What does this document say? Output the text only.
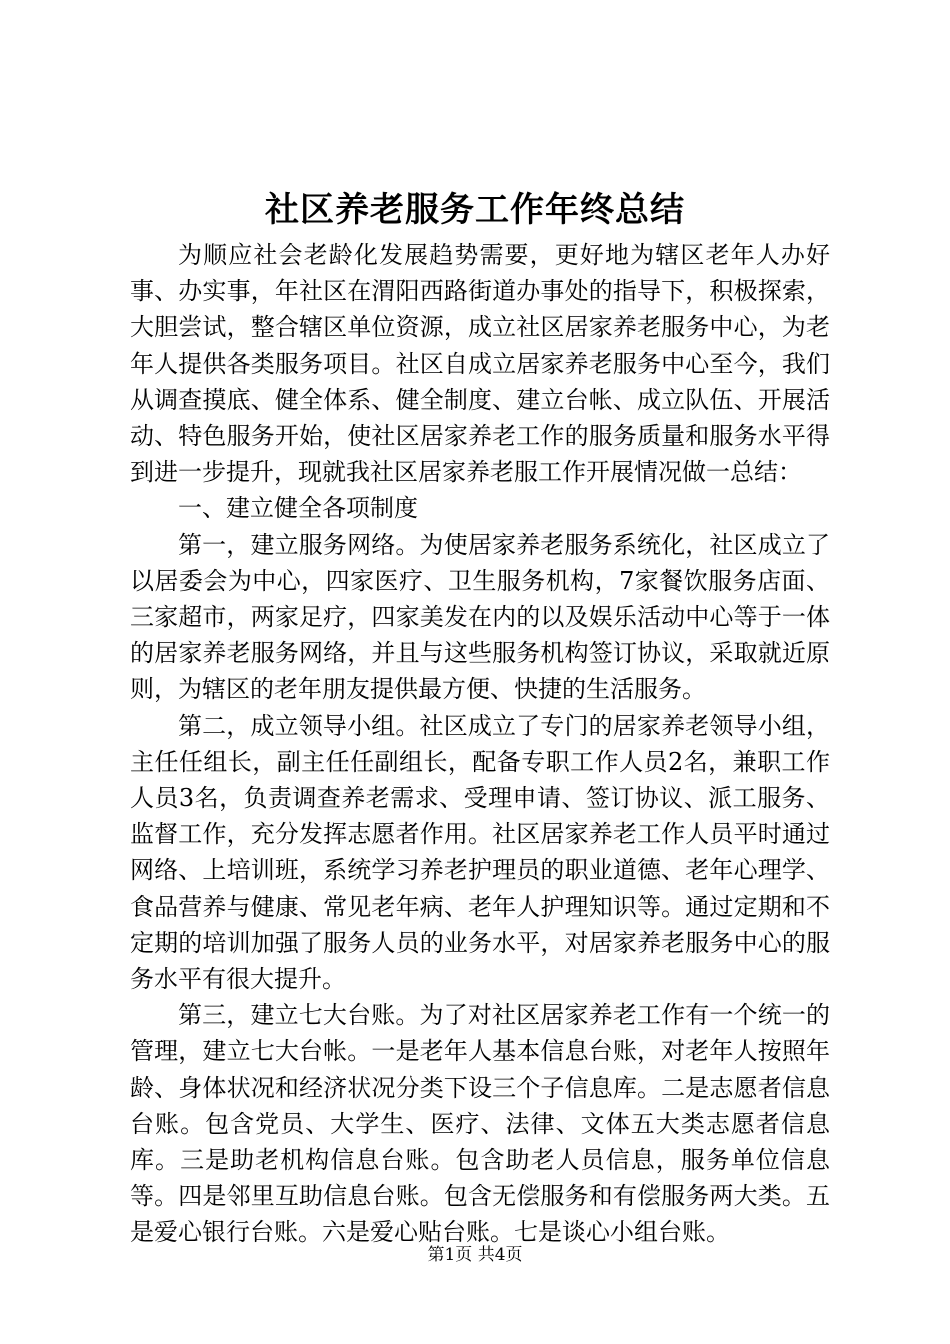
社区养老服务工作年终总结

为顺应社会老龄化发展趋势需要，更好地为辖区老年人办好事、办实事，年社区在渭阳西路街道办事处的指导下，积极探索，大胆尝试，整合辖区单位资源，成立社区居家养老服务中心，为老年人提供各类服务项目。社区自成立居家养老服务中心至今，我们从调查摸底、健全体系、健全制度、建立台帐、成立队伍、开展活动、特色服务开始，使社区居家养老工作的服务质量和服务水平得到进一步提升，现就我社区居家养老服工作开展情况做一总结：

一、建立健全各项制度

第一，建立服务网络。为使居家养老服务系统化，社区成立了以居委会为中心，四家医疗、卫生服务机构，7家餐饮服务店面、三家超市，两家足疗，四家美发在内的以及娱乐活动中心等于一体的居家养老服务网络，并且与这些服务机构签订协议，采取就近原则，为辖区的老年朋友提供最方便、快捷的生活服务。

第二，成立领导小组。社区成立了专门的居家养老领导小组，主任任组长，副主任任副组长，配备专职工作人员2名，兼职工作人员3名，负责调查养老需求、受理申请、签订协议、派工服务、监督工作，充分发挥志愿者作用。社区居家养老工作人员平时通过网络、上培训班，系统学习养老护理员的职业道德、老年心理学、食品营养与健康、常见老年病、老年人护理知识等。通过定期和不定期的培训加强了服务人员的业务水平，对居家养老服务中心的服务水平有很大提升。

第三，建立七大台账。为了对社区居家养老工作有一个统一的管理，建立七大台帐。一是老年人基本信息台账，对老年人按照年龄、身体状况和经济状况分类下设三个子信息库。二是志愿者信息台账。包含党员、大学生、医疗、法律、文体五大类志愿者信息库。三是助老机构信息台账。包含助老人员信息，服务单位信息等。四是邻里互助信息台账。包含无偿服务和有偿服务两大类。五是爱心银行台账。六是爱心贴台账。七是谈心小组台账。

第1页 共4页
